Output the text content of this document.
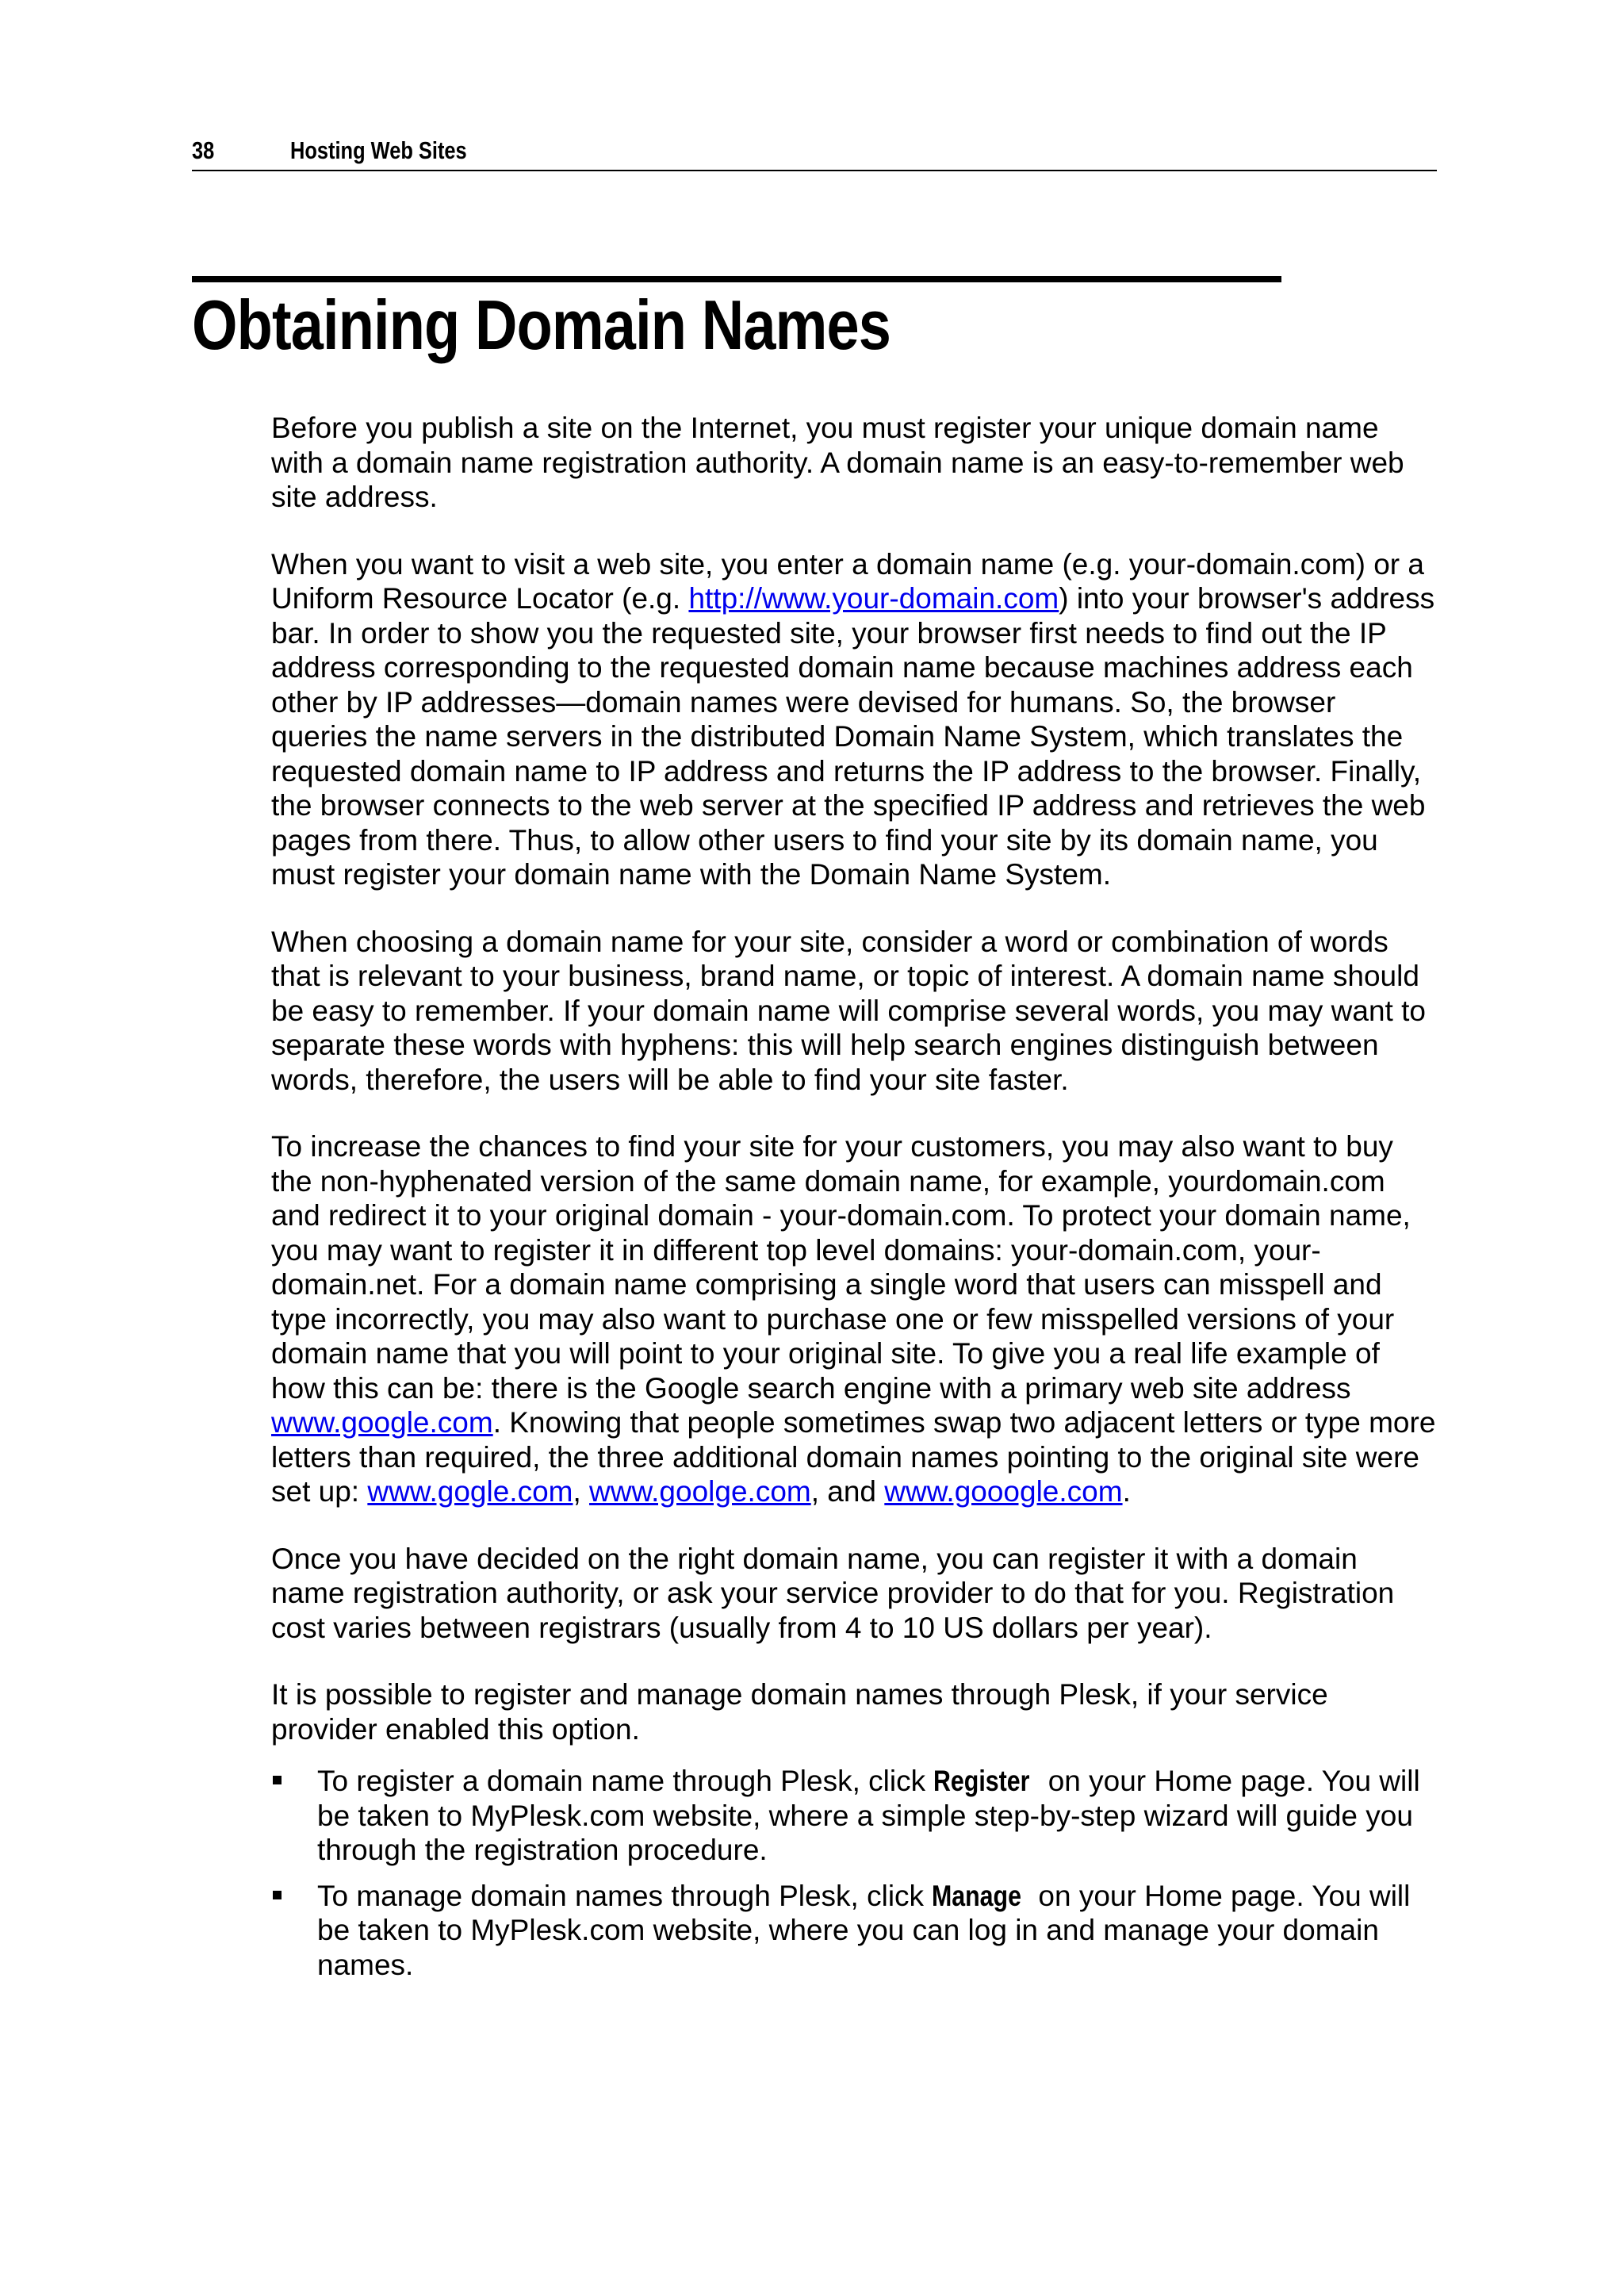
38	Hosting Web Sites
Obtaining Domain Names

Before you publish a site on the Internet, you must register your unique domain name with a domain name registration authority. A domain name is an easy-to-remember web site address.

When you want to visit a web site, you enter a domain name (e.g. your-domain.com) or a Uniform Resource Locator (e.g. http://www.your-domain.com) into your browser's address bar. In order to show you the requested site, your browser first needs to find out the IP address corresponding to the requested domain name because machines address each other by IP addresses—domain names were devised for humans. So, the browser queries the name servers in the distributed Domain Name System, which translates the requested domain name to IP address and returns the IP address to the browser. Finally, the browser connects to the web server at the specified IP address and retrieves the web pages from there. Thus, to allow other users to find your site by its domain name, you must register your domain name with the Domain Name System.

When choosing a domain name for your site, consider a word or combination of words that is relevant to your business, brand name, or topic of interest. A domain name should be easy to remember. If your domain name will comprise several words, you may want to separate these words with hyphens: this will help search engines distinguish between words, therefore, the users will be able to find your site faster.

To increase the chances to find your site for your customers, you may also want to buy the non-hyphenated version of the same domain name, for example, yourdomain.com and redirect it to your original domain - your-domain.com. To protect your domain name, you may want to register it in different top level domains: your-domain.com, your-domain.net. For a domain name comprising a single word that users can misspell and type incorrectly, you may also want to purchase one or few misspelled versions of your domain name that you will point to your original site. To give you a real life example of how this can be: there is the Google search engine with a primary web site address www.google.com. Knowing that people sometimes swap two adjacent letters or type more letters than required, the three additional domain names pointing to the original site were set up: www.gogle.com, www.goolge.com, and www.gooogle.com.

Once you have decided on the right domain name, you can register it with a domain name registration authority, or ask your service provider to do that for you. Registration cost varies between registrars (usually from 4 to 10 US dollars per year).

It is possible to register and manage domain names through Plesk, if your service provider enabled this option.

To register a domain name through Plesk, click Register on your Home page. You will be taken to MyPlesk.com website, where a simple step-by-step wizard will guide you through the registration procedure.
To manage domain names through Plesk, click Manage on your Home page. You will be taken to MyPlesk.com website, where you can log in and manage your domain names.
